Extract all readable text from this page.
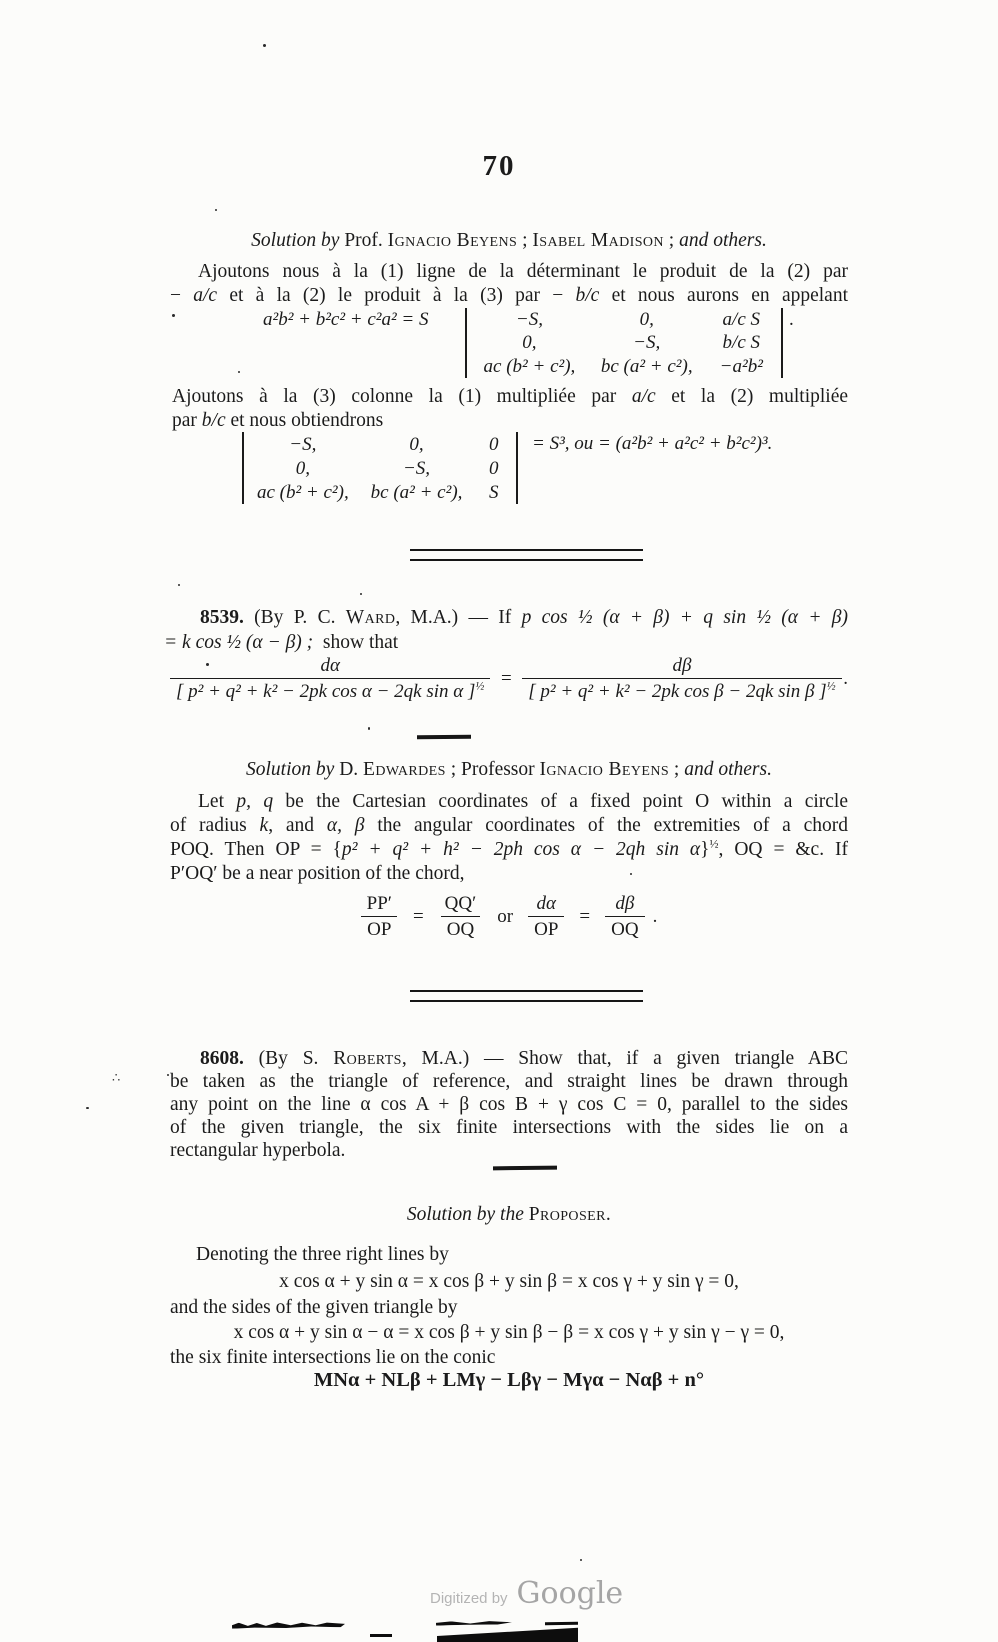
70
Solution by Prof. Ignacio Beyens ; Isabel Madison ; and others.
Ajoutons nous à la (1) ligne de la déterminant le produit de la (2) par
− a/c et à la (2) le produit à la (3) par − b/c et nous aurons en appelant
a²b² + b²c² + c²a² = S	−S,	0,	a/c S
0,	−S,	b/c S
ac (b² + c²),	bc (a² + c²),	−a²b²
.
Ajoutons à la (3) colonne la (1) multipliée par a/c et la (2) multipliée
par b/c et nous obtiendrons
−S,	0,	0
0,	−S,	0
ac (b² + c²),	bc (a² + c²),	S
= S³, ou = (a²b² + a²c² + b²c²)³.
8539. (By P. C. Ward, M.A.) — If p cos ½ (α + β) + q sin ½ (α + β)
= k cos ½ (α − β) ;  show that
$\frac{d\alpha}{[ p^2 + q^2 + k^2 - 2pk \cos \alpha - 2qk \sin \alpha ]^{\frac{1}{2}}} = \frac{d\beta}{[ p^2 + q^2 + k^2 - 2pk \cos \beta - 2qk \sin \beta ]^{\frac{1}{2}}}$ .
Solution by D. Edwardes ; Professor Ignacio Beyens ; and others.
Let p, q be the Cartesian coordinates of a fixed point O within a circle
of radius k, and α, β the angular coordinates of the extremities of a chord
POQ. Then OP = {p² + q² + h² − 2ph cos α − 2qh sin α}$^{\frac{1}{2}}$, OQ = &c. If
P′OQ′ be a near position of the chord,
$\frac{PP'}{OP} = \frac{QQ'}{OQ}$ or $\frac{d\alpha}{OP} = \frac{d\beta}{OQ}$ .
∴
8608. (By S. Roberts, M.A.) — Show that, if a given triangle ABC
be taken as the triangle of reference, and straight lines be drawn through
any point on the line α cos A + β cos B + γ cos C = 0, parallel to the sides
of the given triangle, the six finite intersections with the sides lie on a
rectangular hyperbola.
Solution by the Proposer.
Denoting the three right lines by
x cos α + y sin α = x cos β + y sin β = x cos γ + y sin γ = 0,
and the sides of the given triangle by
x cos α + y sin α − α = x cos β + y sin β − β = x cos γ + y sin γ − γ = 0,
the six finite intersections lie on the conic
MNα + NLβ + LMγ − Lβγ − Mγα − Nαβ + n°
Digitized by Google
